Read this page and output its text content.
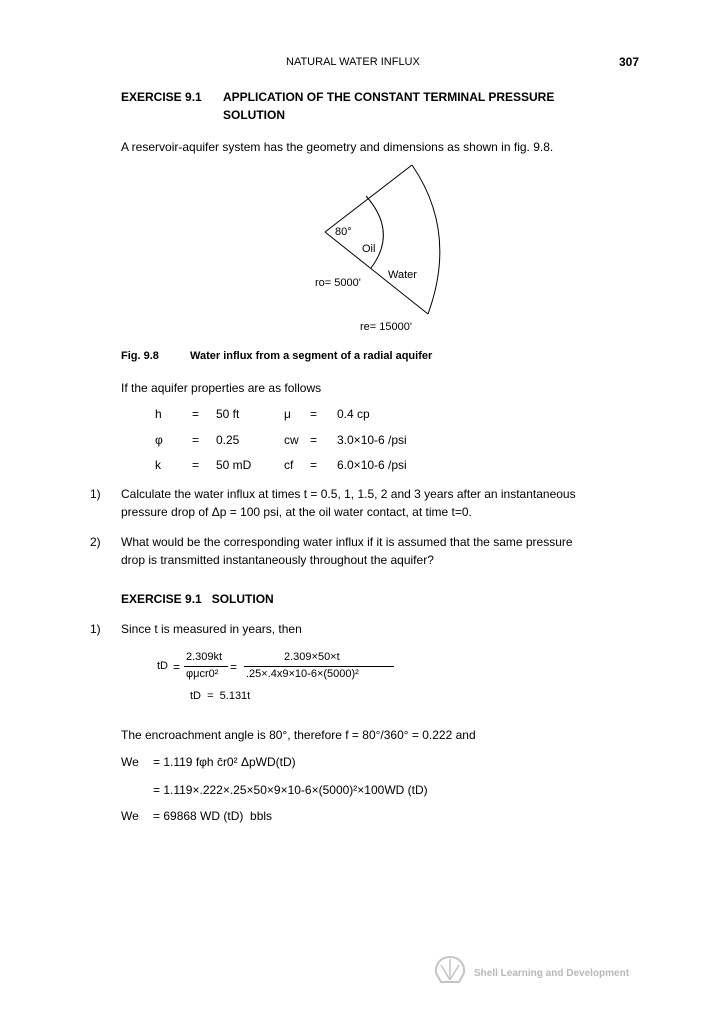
NATURAL WATER INFLUX	307
EXERCISE 9.1 APPLICATION OF THE CONSTANT TERMINAL PRESSURE
SOLUTION
A reservoir-aquifer system has the geometry and dimensions as shown in fig. 9.8.
80°
Oil
Water
ro= 5000'
re= 15000'
Fig. 9.8	Water influx from a segment of a radial aquifer
If the aquifer properties are as follows
h	= 50 ft	μ = 0.4 cp
φ = 0.25	cw = 3.0×10-6 /psi
k	= 50 mD	cf = 6.0×10-6 /psi
1) Calculate the water influx at times t = 0.5, 1, 1.5, 2 and 3 years after an instantaneous
pressure drop of Δp = 100 psi, at the oil water contact, at time t=0.
2) What would be the corresponding water influx if it is assumed that the same pressure
drop is transmitted instantaneously throughout the aquifer?
EXERCISE 9.1   SOLUTION
1) Since t is measured in years, then
tD =
2.309kt
φμcr0² =
2.309×50×t
.25×.4x9×10-6×(5000)²
tD  =  5.131t
The encroachment angle is 80°, therefore f = 80°/360° = 0.222 and
We = 1.119 fφh c̄r0² ΔpWD(tD)
= 1.119×.222×.25×50×9×10-6×(5000)²×100WD (tD)
We = 69868 WD (tD)  bbls
Shell Learning and Development
